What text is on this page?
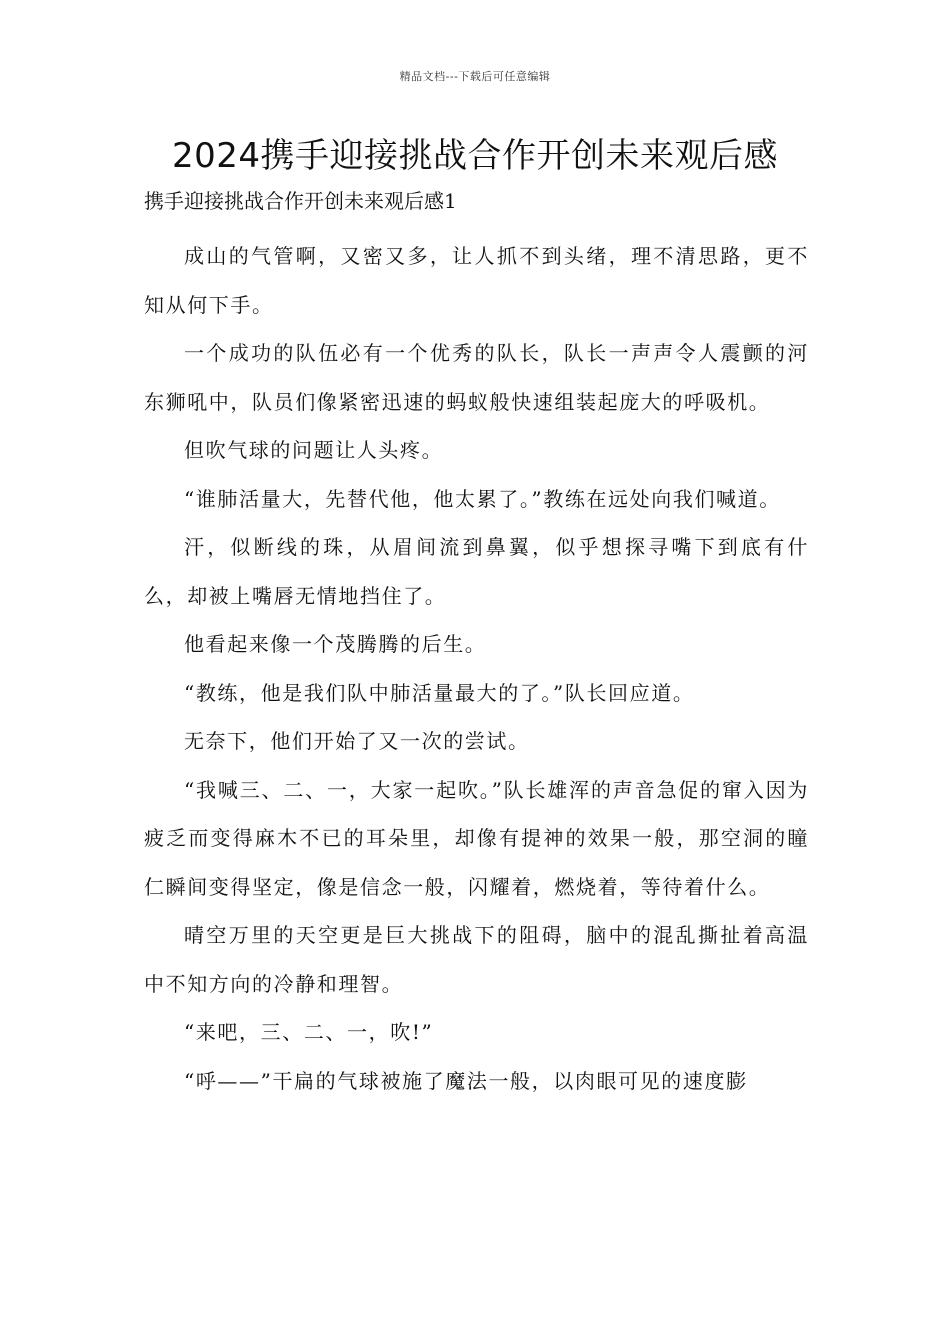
精品文档---下载后可任意编辑
2024携手迎接挑战合作开创未来观后感

携手迎接挑战合作开创未来观后感1

成山的气管啊，又密又多，让人抓不到头绪，理不清思路，更不知从何下手。

一个成功的队伍必有一个优秀的队长，队长一声声令人震颤的河东狮吼中，队员们像紧密迅速的蚂蚁般快速组装起庞大的呼吸机。

但吹气球的问题让人头疼。

“谁肺活量大，先替代他，他太累了。”教练在远处向我们喊道。

汗，似断线的珠，从眉间流到鼻翼，似乎想探寻嘴下到底有什么，却被上嘴唇无情地挡住了。

他看起来像一个茂腾腾的后生。

“教练，他是我们队中肺活量最大的了。”队长回应道。

无奈下，他们开始了又一次的尝试。

“我喊三、二、一，大家一起吹。”队长雄浑的声音急促的窜入因为疲乏而变得麻木不已的耳朵里，却像有提神的效果一般，那空洞的瞳仁瞬间变得坚定，像是信念一般，闪耀着，燃烧着，等待着什么。

晴空万里的天空更是巨大挑战下的阻碍，脑中的混乱撕扯着高温中不知方向的冷静和理智。

“来吧，三、二、一，吹!”

“呼——”干扁的气球被施了魔法一般，以肉眼可见的速度膨
